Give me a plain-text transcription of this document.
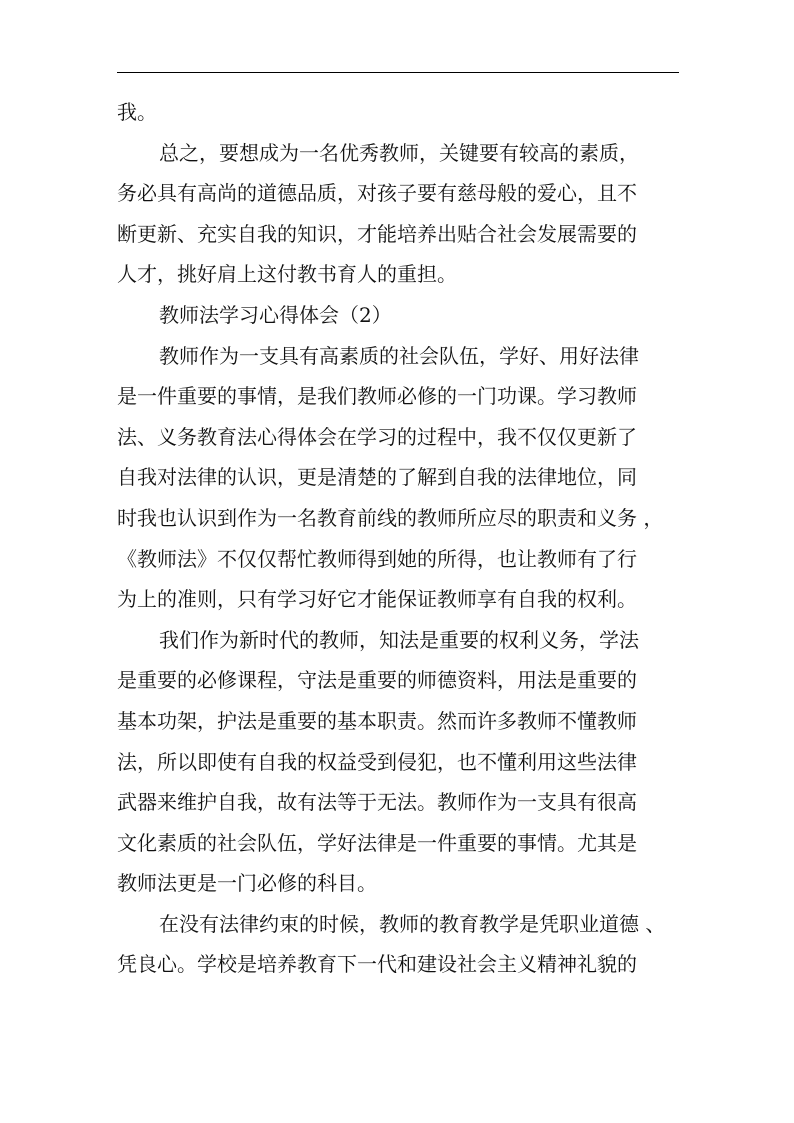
我。
总之，要想成为一名优秀教师，关键要有较高的素质，
务必具有高尚的道德品质，对孩子要有慈母般的爱心，且不
断更新、充实自我的知识，才能培养出贴合社会发展需要的
人才，挑好肩上这付教书育人的重担。
教师法学习心得体会（2）
教师作为一支具有高素质的社会队伍，学好、用好法律
是一件重要的事情，是我们教师必修的一门功课。学习教师
法、义务教育法心得体会在学习的过程中，我不仅仅更新了
自我对法律的认识，更是清楚的了解到自我的法律地位，同
时我也认识到作为一名教育前线的教师所应尽的职责和义务 ，
《教师法》不仅仅帮忙教师得到她的所得，也让教师有了行
为上的准则，只有学习好它才能保证教师享有自我的权利。
我们作为新时代的教师，知法是重要的权利义务，学法
是重要的必修课程，守法是重要的师德资料，用法是重要的
基本功架，护法是重要的基本职责。然而许多教师不懂教师
法，所以即使有自我的权益受到侵犯，也不懂利用这些法律
武器来维护自我，故有法等于无法。教师作为一支具有很高
文化素质的社会队伍，学好法律是一件重要的事情。尤其是
教师法更是一门必修的科目。
在没有法律约束的时候，教师的教育教学是凭职业道德 、
凭良心。学校是培养教育下一代和建设社会主义精神礼貌的
